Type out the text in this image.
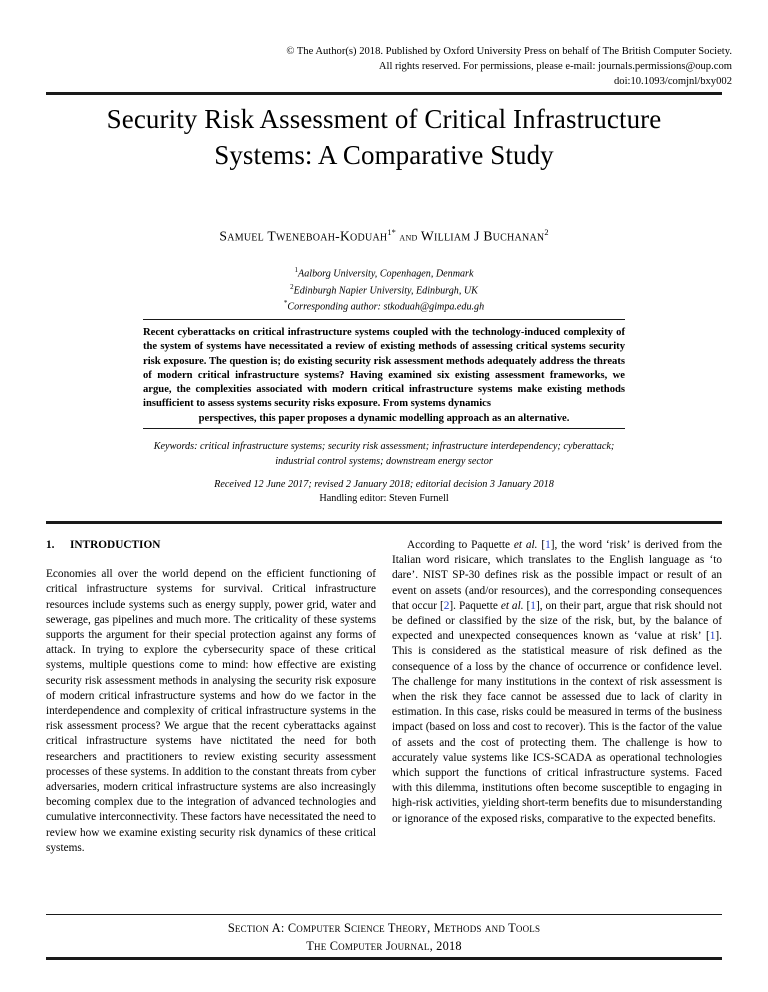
© The Author(s) 2018. Published by Oxford University Press on behalf of The British Computer Society.
All rights reserved. For permissions, please e-mail: journals.permissions@oup.com
doi:10.1093/comjnl/bxy002
Security Risk Assessment of Critical Infrastructure Systems: A Comparative Study
Samuel Tweneboah-Koduah$^{1*}$ and William J Buchanan$^2$
$^1$Aalborg University, Copenhagen, Denmark
$^2$Edinburgh Napier University, Edinburgh, UK
*Corresponding author: stkoduah@gimpa.edu.gh
Recent cyberattacks on critical infrastructure systems coupled with the technology-induced complexity of the system of systems have necessitated a review of existing methods of assessing critical systems security risk exposure. The question is; do existing security risk assessment methods adequately address the threats of modern critical infrastructure systems? Having examined six existing assessment frameworks, we argue, the complexities associated with modern critical infrastructure systems make existing methods insufficient to assess systems security risks exposure. From systems dynamics
perspectives, this paper proposes a dynamic modelling approach as an alternative.
Keywords: critical infrastructure systems; security risk assessment; infrastructure interdependency; cyberattack; industrial control systems; downstream energy sector
Received 12 June 2017; revised 2 January 2018; editorial decision 3 January 2018
Handling editor: Steven Furnell
1. INTRODUCTION

Economies all over the world depend on the efficient functioning of critical infrastructure systems for survival. Critical infrastructure resources include systems such as energy supply, power grid, water and sewerage, gas pipelines and much more. The criticality of these systems supports the argument for their special protection against any forms of attack. In trying to explore the cybersecurity space of these critical systems, multiple questions come to mind: how effective are existing security risk assessment methods in analysing the security risk exposure of modern critical infrastructure systems and how do we factor in the interdependence and complexity of critical infrastructure systems in the risk assessment process? We argue that the recent cyberattacks against critical infrastructure systems have nictitated the need for both researchers and practitioners to review existing security assessment processes of these systems. In addition to the constant threats from cyber adversaries, modern critical infrastructure systems are also increasingly becoming complex due to the integration of advanced technologies and cumulative interconnectivity. These factors have necessitated the need to review how we examine existing security risk dynamics of these critical systems.

According to Paquette et al. [1], the word ‘risk’ is derived from the Italian word risicare, which translates to the English language as ‘to dare’. NIST SP-30 defines risk as the possible impact or result of an event on assets (and/or resources), and the corresponding consequences that occur [2]. Paquette et al. [1], on their part, argue that risk should not be defined or classified by the size of the risk, but, by the balance of expected and unexpected consequences known as ‘value at risk’ [1]. This is considered as the statistical measure of risk defined as the consequence of a loss by the chance of occurrence or confidence level. The challenge for many institutions in the context of risk assessment is when the risk they face cannot be assessed due to lack of clarity in estimation. In this case, risks could be measured in terms of the business impact (based on loss and cost to recover). This is the factor of the value of assets and the cost of protecting them. The challenge is how to accurately value systems like ICS-SCADA as operational technologies which support the functions of critical infrastructure systems. Faced with this dilemma, institutions often become susceptible to engaging in high-risk activities, yielding short-term benefits due to misunderstanding or ignorance of the exposed risks, comparative to the expected benefits.

Section A: Computer Science Theory, Methods and Tools
The Computer Journal, 2018
